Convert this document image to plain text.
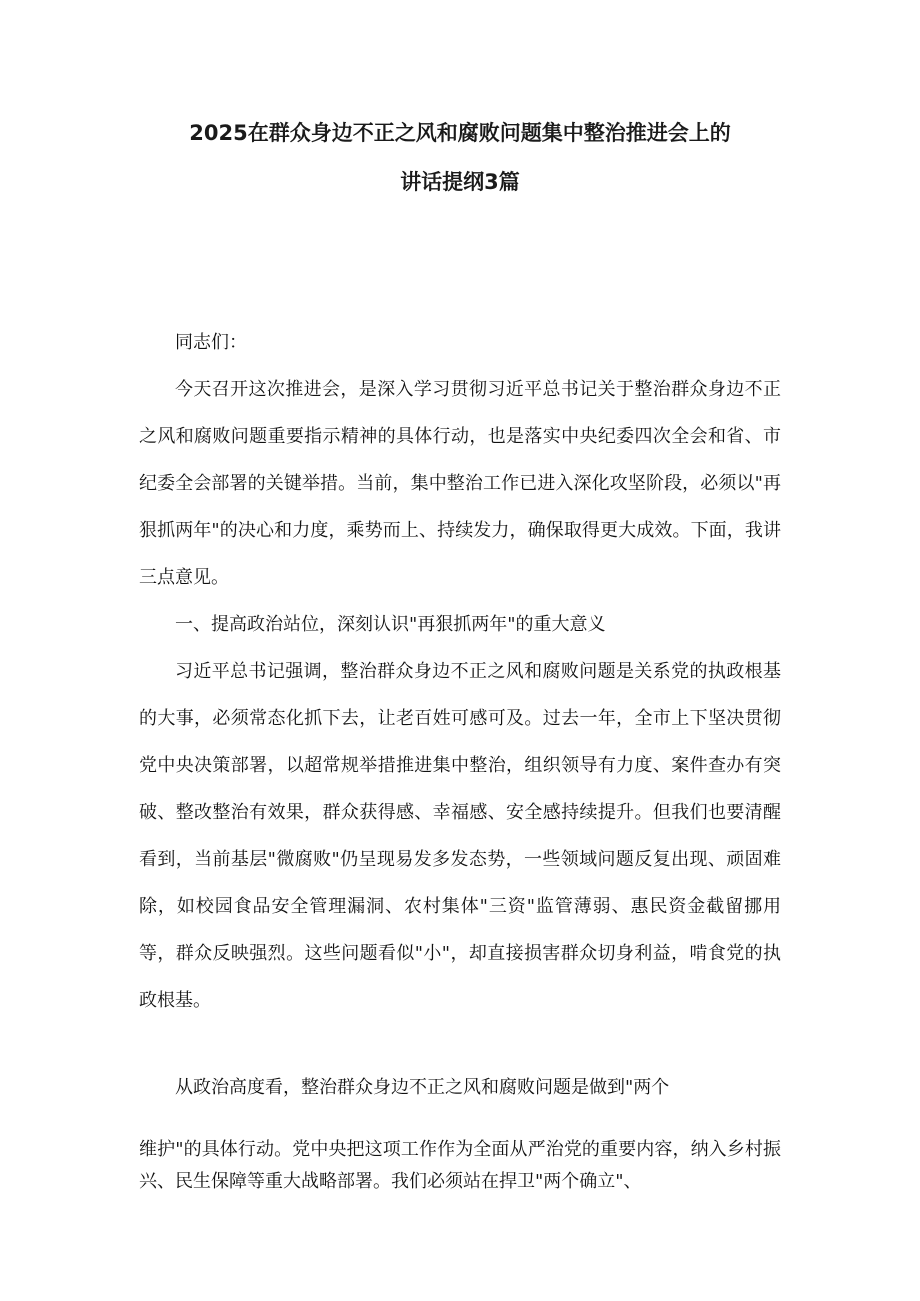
2025在群众身边不正之风和腐败问题集中整治推进会上的
讲话提纲3篇

同志们：

今天召开这次推进会，是深入学习贯彻习近平总书记关于整治群众身边不正之风和腐败问题重要指示精神的具体行动，也是落实中央纪委四次全会和省、市纪委全会部署的关键举措。当前，集中整治工作已进入深化攻坚阶段，必须以"再狠抓两年"的决心和力度，乘势而上、持续发力，确保取得更大成效。下面，我讲三点意见。

一、提高政治站位，深刻认识"再狠抓两年"的重大意义

习近平总书记强调，整治群众身边不正之风和腐败问题是关系党的执政根基的大事，必须常态化抓下去，让老百姓可感可及。过去一年，全市上下坚决贯彻党中央决策部署，以超常规举措推进集中整治，组织领导有力度、案件查办有突破、整改整治有效果，群众获得感、幸福感、安全感持续提升。但我们也要清醒看到，当前基层"微腐败"仍呈现易发多发态势，一些领域问题反复出现、顽固难除，如校园食品安全管理漏洞、农村集体"三资"监管薄弱、惠民资金截留挪用等，群众反映强烈。这些问题看似"小"，却直接损害群众切身利益，啃食党的执政根基。

从政治高度看，整治群众身边不正之风和腐败问题是做到"两个

维护"的具体行动。党中央把这项工作作为全面从严治党的重要内容，纳入乡村振兴、民生保障等重大战略部署。我们必须站在捍卫"两个确立"、
